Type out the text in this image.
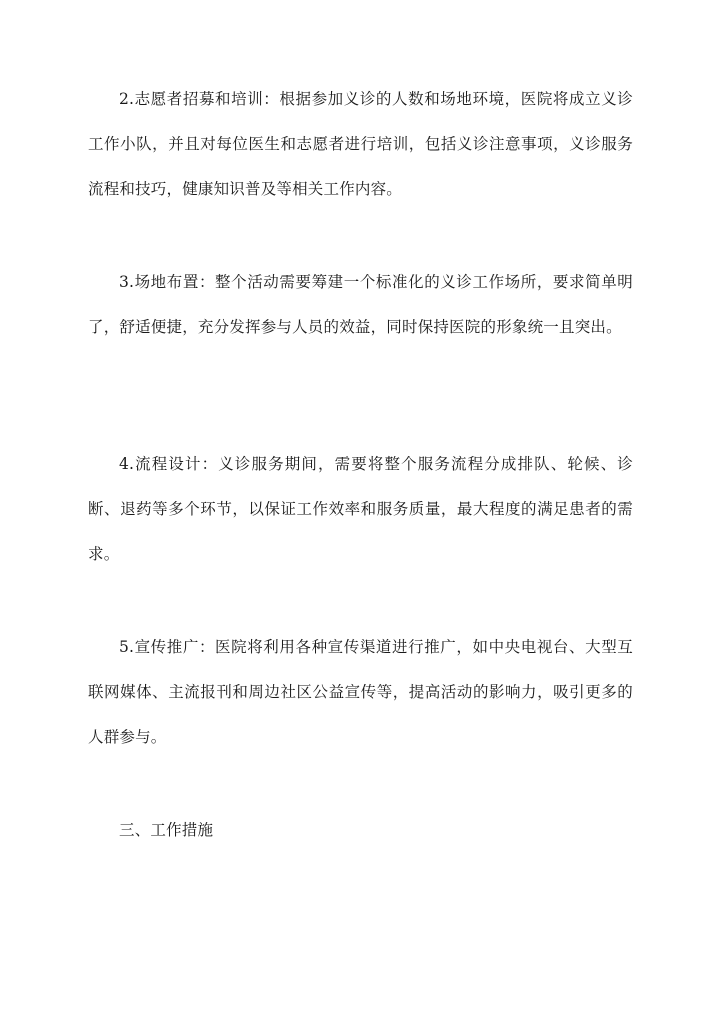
2.志愿者招募和培训：根据参加义诊的人数和场地环境，医院将成立义诊工作小队，并且对每位医生和志愿者进行培训，包括义诊注意事项，义诊服务流程和技巧，健康知识普及等相关工作内容。

3.场地布置：整个活动需要筹建一个标准化的义诊工作场所，要求简单明了，舒适便捷，充分发挥参与人员的效益，同时保持医院的形象统一且突出。

4.流程设计：义诊服务期间，需要将整个服务流程分成排队、轮候、诊断、退药等多个环节，以保证工作效率和服务质量，最大程度的满足患者的需求。

5.宣传推广：医院将利用各种宣传渠道进行推广，如中央电视台、大型互联网媒体、主流报刊和周边社区公益宣传等，提高活动的影响力，吸引更多的人群参与。

三、工作措施
